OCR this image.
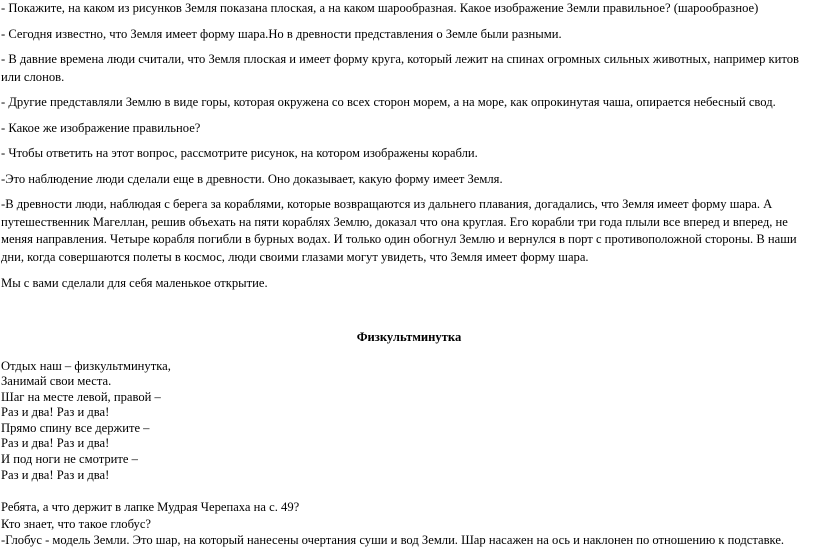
- Покажите, на каком из рисунков Земля показана плоская, а на каком шарообразная. Какое изображение Земли правильное? (шарообразное)

- Сегодня известно, что Земля имеет форму шара.Но в древности представления о Земле были разными.

- В давние времена люди считали, что Земля плоская и имеет форму круга, который лежит на спинах огромных сильных животных, например китов или слонов.

- Другие представляли Землю в виде горы, которая окружена со всех сторон морем, а на море, как опрокинутая чаша, опирается небесный свод.

- Какое же изображение правильное?

- Чтобы ответить на этот вопрос, рассмотрите рисунок, на котором изображены корабли.

-Это наблюдение люди сделали еще в древности. Оно доказывает, какую форму имеет Земля.

-В древности люди, наблюдая с берега за кораблями, которые возвращаются из дальнего плавания, догадались, что Земля имеет форму шара. А путешественник Магеллан, решив объехать на пяти кораблях Землю, доказал что она круглая. Его корабли три года плыли все вперед и вперед, не меняя направления. Четыре корабля погибли в бурных водах. И только один обогнул Землю и вернулся в порт с противоположной стороны. В наши дни, когда совершаются полеты в космос, люди своими глазами могут увидеть, что Земля имеет форму шара.

Мы с вами сделали для себя маленькое открытие.

Физкультминутка
Отдых наш – физкультминутка,
Занимай свои места.
Шаг на месте левой, правой –
Раз и два! Раз и два!
Прямо спину все держите –
Раз и два! Раз и два!
И под ноги не смотрите –
Раз и два! Раз и два!
Ребята, а что держит в лапке Мудрая Черепаха на с. 49?
Кто знает, что такое глобус?
-Глобус - модель Земли. Это шар, на который нанесены очертания суши и вод Земли. Шар насажен на ось и наклонен по отношению к подставке.
